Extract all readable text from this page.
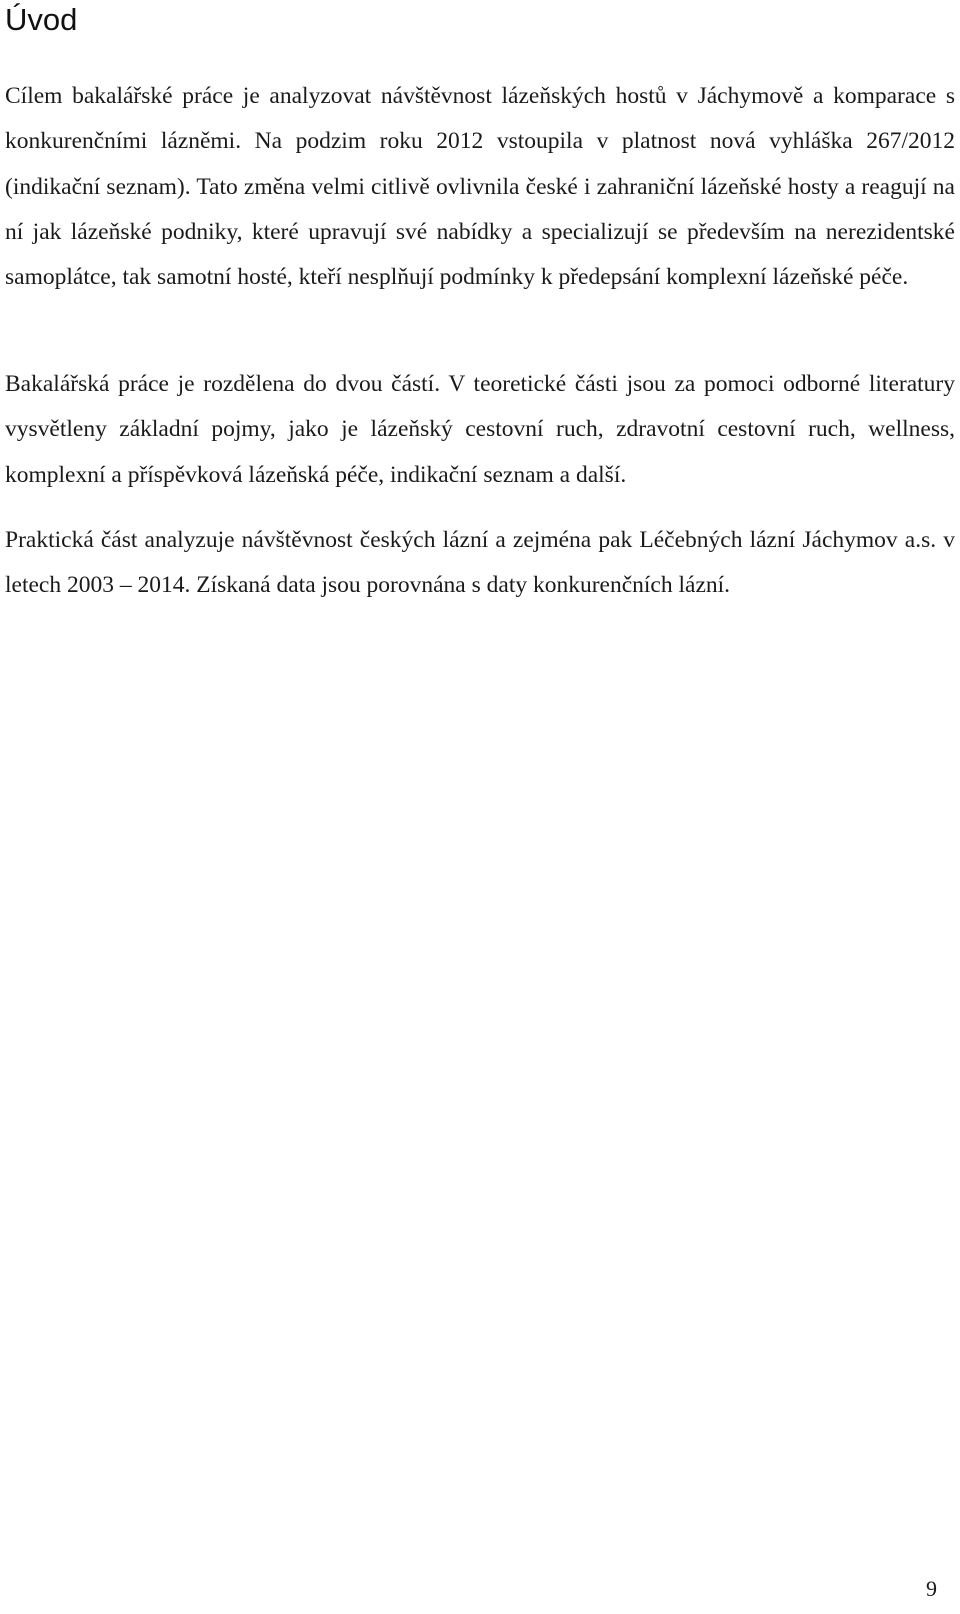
Úvod

Cílem bakalářské práce je analyzovat návštěvnost lázeňských hostů v Jáchymově a komparace s konkurenčními lázněmi. Na podzim roku 2012 vstoupila v platnost nová vyhláška 267/2012 (indikační seznam). Tato změna velmi citlivě ovlivnila české i zahraniční lázeňské hosty a reagují na ní jak lázeňské podniky, které upravují své nabídky a specializují se především na nerezidentské samoplátce, tak samotní hosté, kteří nesplňují podmínky k předepsání komplexní lázeňské péče.

Bakalářská práce je rozdělena do dvou částí. V teoretické části jsou za pomoci odborné literatury vysvětleny základní pojmy, jako je lázeňský cestovní ruch, zdravotní cestovní ruch, wellness, komplexní a příspěvková lázeňská péče, indikační seznam a další.

Praktická část analyzuje návštěvnost českých lázní a zejména pak Léčebných lázní Jáchymov a.s. v letech 2003 – 2014. Získaná data jsou porovnána s daty konkurenčních lázní.

9
